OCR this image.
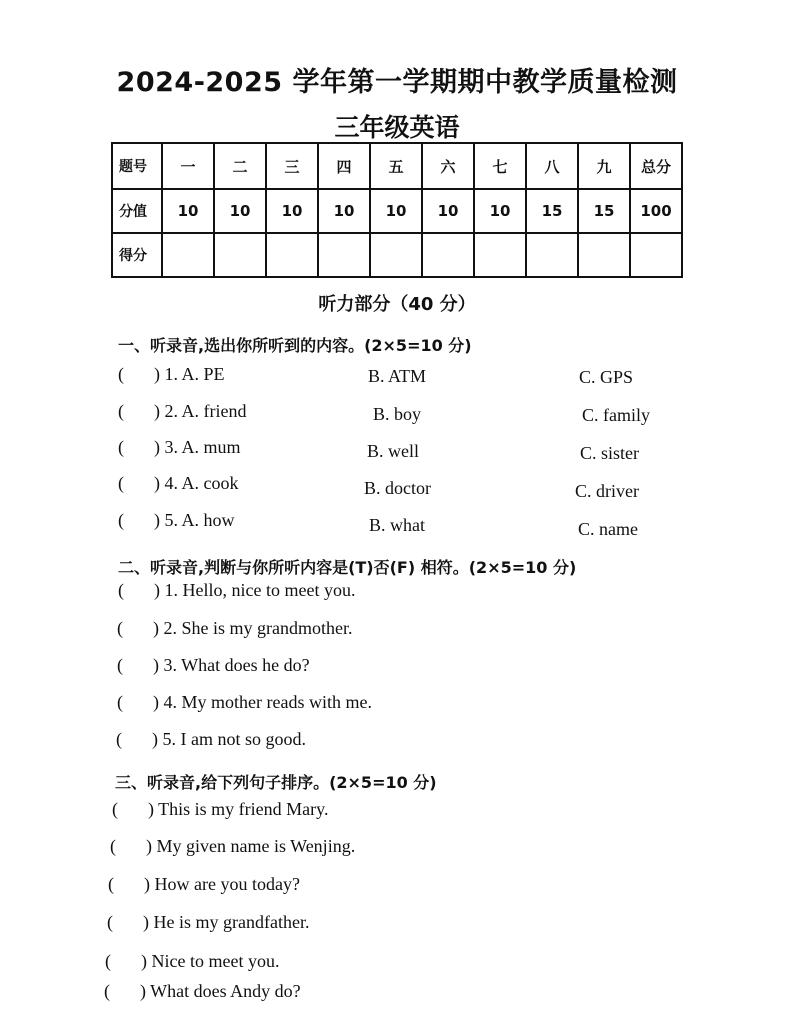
2024-2025 学年第一学期期中教学质量检测
三年级英语
题号	一	二	三	四	五	六	七	八	九	总分
分值	10	10	10	10	10	10	10	15	15	100
得分										
听力部分（40 分）
一、听录音,选出你所听到的内容。(2×5=10 分)
( ) 1. A. PE	B. ATM	C. GPS
( ) 2. A. friend	B. boy	C. family
( ) 3. A. mum	B. well	C. sister
( ) 4. A. cook	B. doctor	C. driver
( ) 5. A. how	B. what	C. name
二、听录音,判断与你所听内容是(T)否(F) 相符。(2×5=10 分)
( ) 1. Hello, nice to meet you.
( ) 2. She is my grandmother.
( ) 3. What does he do?
( ) 4. My mother reads with me.
( ) 5. I am not so good.
三、听录音,给下列句子排序。(2×5=10 分)
( ) This is my friend Mary.
( ) My given name is Wenjing.
( ) How are you today?
( ) He is my grandfather.
( ) Nice to meet you.
( ) What does Andy do?
